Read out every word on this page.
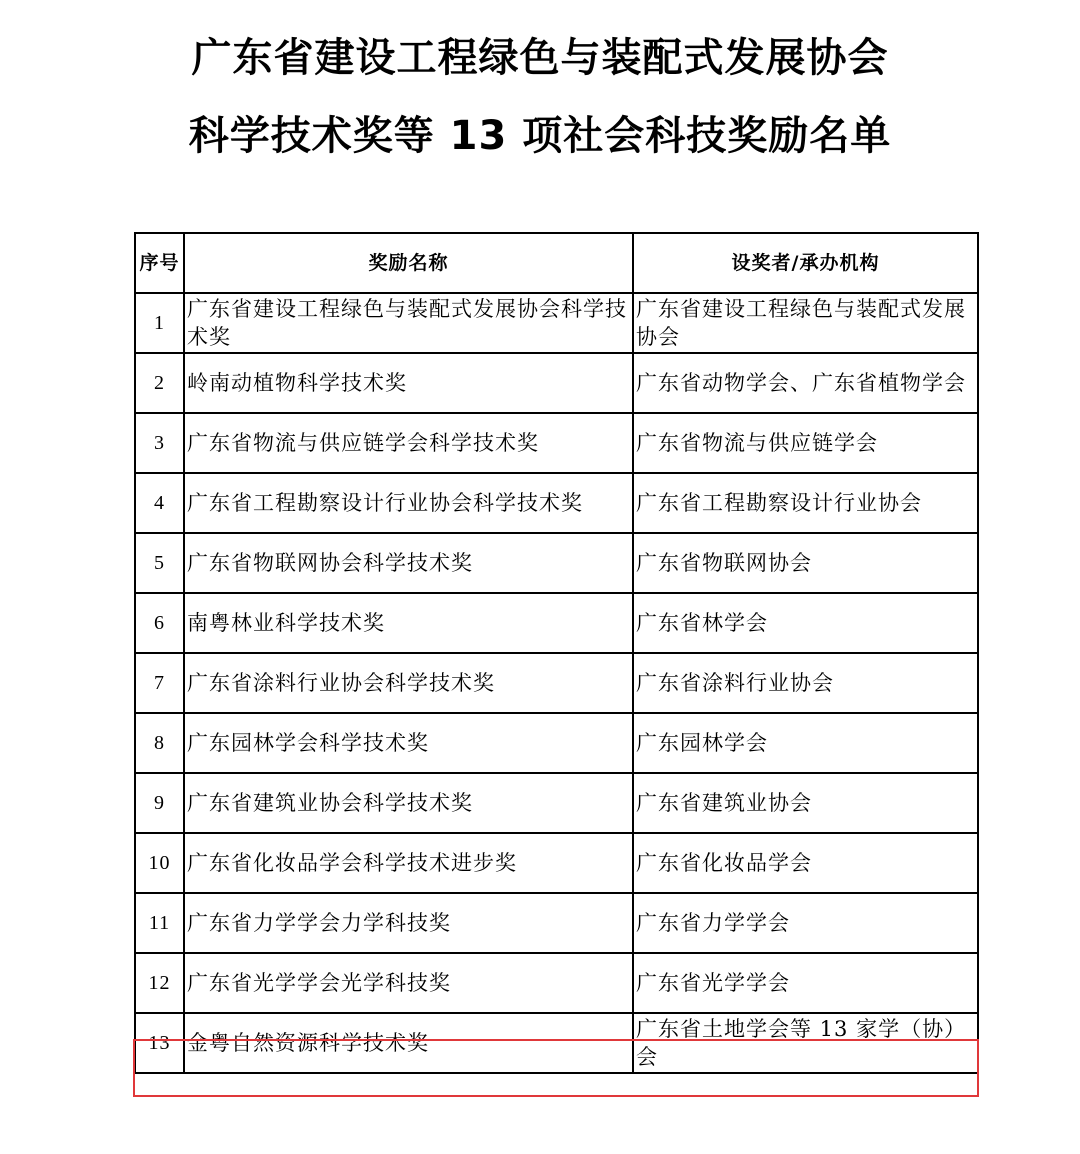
广东省建设工程绿色与装配式发展协会
科学技术奖等 13 项社会科技奖励名单
序号	奖励名称	设奖者/承办机构
1	广东省建设工程绿色与装配式发展协会科学技术奖	广东省建设工程绿色与装配式发展协会
2	岭南动植物科学技术奖	广东省动物学会、广东省植物学会
3	广东省物流与供应链学会科学技术奖	广东省物流与供应链学会
4	广东省工程勘察设计行业协会科学技术奖	广东省工程勘察设计行业协会
5	广东省物联网协会科学技术奖	广东省物联网协会
6	南粤林业科学技术奖	广东省林学会
7	广东省涂料行业协会科学技术奖	广东省涂料行业协会
8	广东园林学会科学技术奖	广东园林学会
9	广东省建筑业协会科学技术奖	广东省建筑业协会
10	广东省化妆品学会科学技术进步奖	广东省化妆品学会
11	广东省力学学会力学科技奖	广东省力学学会
12	广东省光学学会光学科技奖	广东省光学学会
13	金粤自然资源科学技术奖	广东省土地学会等 13 家学（协）会
